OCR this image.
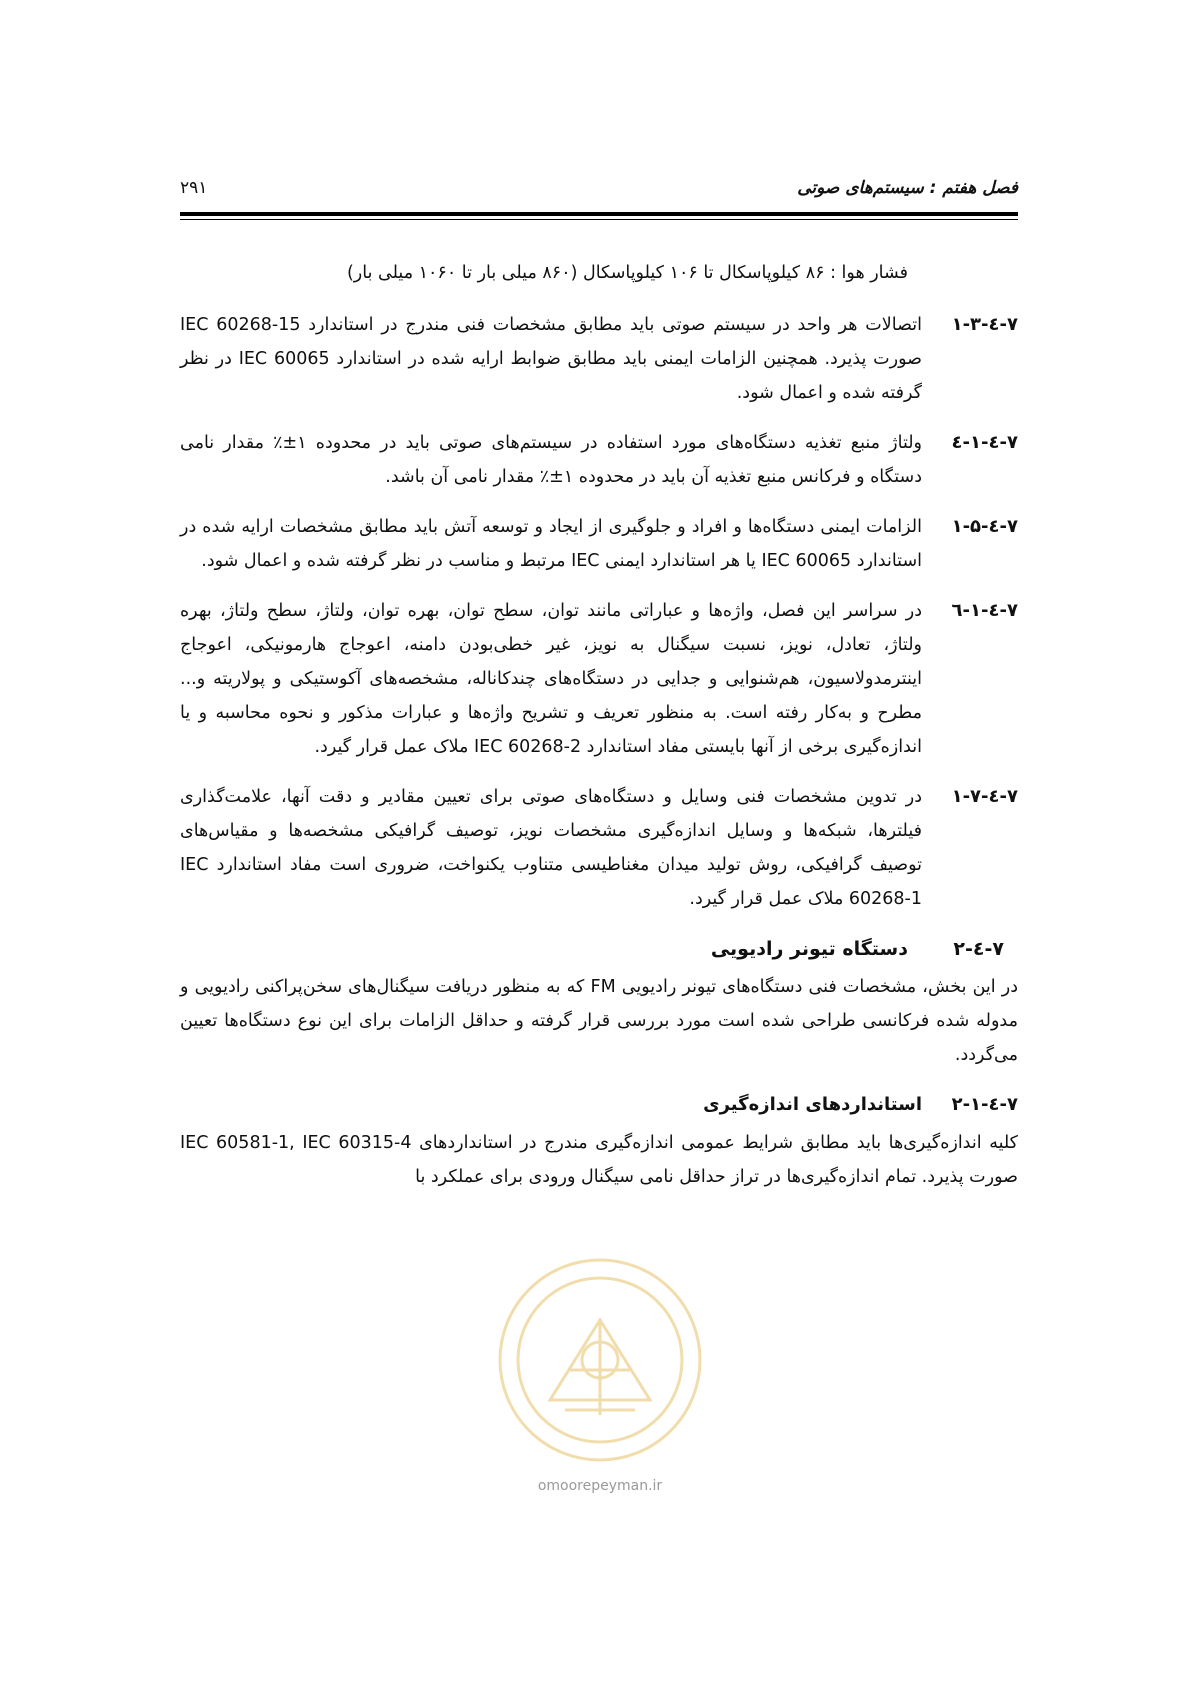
فصل هفتم : سیستم‌های صوتی
۲۹۱
فشار هوا : ۸۶ کیلوپاسکال تا ۱۰۶ کیلوپاسکال (۸۶۰ میلی بار تا ۱۰۶۰ میلی بار)
۷-٤-۱-۳
اتصالات هر واحد در سیستم صوتی باید مطابق مشخصات فنی مندرج در استاندارد IEC 60268-15 صورت پذیرد. همچنین الزامات ایمنی باید مطابق ضوابط ارایه شده در استاندارد IEC 60065 در نظر گرفته شده و اعمال شود.
۷-٤-۱-٤
ولتاژ منبع تغذیه دستگاه‌های مورد استفاده در سیستم‌های صوتی باید در محدوده ۱±٪ مقدار نامی دستگاه و فرکانس منبع تغذیه آن باید در محدوده ۱±٪ مقدار نامی آن باشد.
۷-٤-۱-۵
الزامات ایمنی دستگاه‌ها و افراد و جلوگیری از ایجاد و توسعه آتش باید مطابق مشخصات ارایه شده در استاندارد IEC 60065 یا هر استاندارد ایمنی IEC مرتبط و مناسب در نظر گرفته شده و اعمال شود.
۷-٤-۱-٦
در سراسر این فصل، واژه‌ها و عباراتی مانند توان، سطح توان، بهره توان، ولتاژ، سطح ولتاژ، بهره ولتاژ، تعادل، نویز، نسبت سیگنال به نویز، غیر خطی‌بودن دامنه، اعوجاج هارمونیکی، اعوجاج اینترمدولاسیون، هم‌شنوایی و جدایی در دستگاه‌های چندکاناله، مشخصه‌های آکوستیکی و پولاریته و... مطرح و به‌کار رفته است. به منظور تعریف و تشریح واژه‌ها و عبارات مذکور و نحوه محاسبه و یا اندازه‌گیری برخی از آنها بایستی مفاد استاندارد IEC 60268-2 ملاک عمل قرار گیرد.
۷-٤-۱-۷
در تدوین مشخصات فنی وسایل و دستگاه‌های صوتی برای تعیین مقادیر و دقت آنها، علامت‌گذاری فیلترها، شبکه‌ها و وسایل اندازه‌گیری مشخصات نویز، توصیف گرافیکی مشخصه‌ها و مقیاس‌های توصیف گرافیکی، روش تولید میدان مغناطیسی متناوب یکنواخت، ضروری است مفاد استاندارد IEC 60268-1 ملاک عمل قرار گیرد.
۷-٤-۲
دستگاه تیونر رادیویی
در این بخش، مشخصات فنی دستگاه‌های تیونر رادیویی FM که به منظور دریافت سیگنال‌های سخن‌پراکنی رادیویی و مدوله شده فرکانسی طراحی شده است مورد بررسی قرار گرفته و حداقل الزامات برای این نوع دستگاه‌ها تعیین می‌گردد.
۷-٤-۲-۱
استانداردهای اندازه‌گیری
کلیه اندازه‌گیری‌ها باید مطابق شرایط عمومی اندازه‌گیری مندرج در استانداردهای IEC 60581-1, IEC 60315-4 صورت پذیرد. تمام اندازه‌گیری‌ها در تراز حداقل نامی سیگنال ورودی برای عملکرد با
omoorepeyman.ir
